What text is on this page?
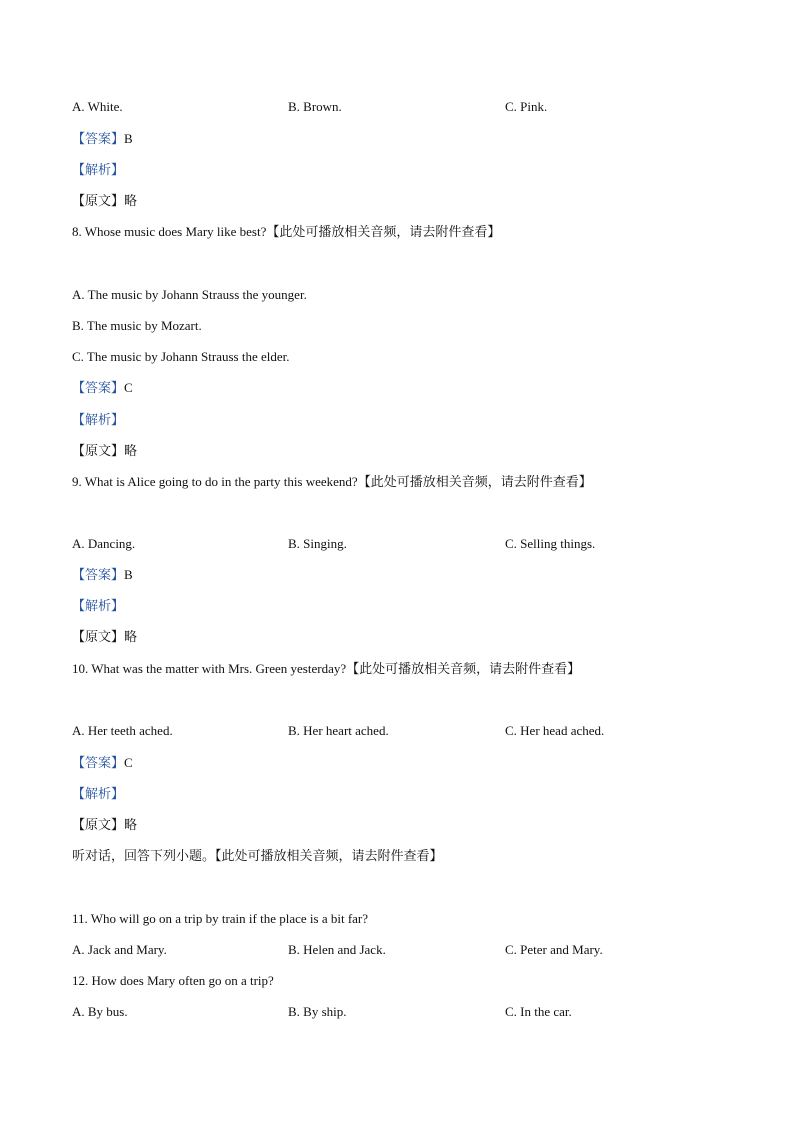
A. White.	B. Brown.	C. Pink.
【答案】B
【解析】
【原文】略
8. Whose music does Mary like best?【此处可播放相关音频，请去附件查看】
A. The music by Johann Strauss the younger.
B. The music by Mozart.
C. The music by Johann Strauss the elder.
【答案】C
【解析】
【原文】略
9. What is Alice going to do in the party this weekend?【此处可播放相关音频，请去附件查看】
A. Dancing.	B. Singing.	C. Selling things.
【答案】B
【解析】
【原文】略
10. What was the matter with Mrs. Green yesterday?【此处可播放相关音频，请去附件查看】
A. Her teeth ached.	B. Her heart ached.	C. Her head ached.
【答案】C
【解析】
【原文】略
听对话，回答下列小题。【此处可播放相关音频，请去附件查看】
11. Who will go on a trip by train if the place is a bit far?
A. Jack and Mary.	B. Helen and Jack.	C. Peter and Mary.
12. How does Mary often go on a trip?
A. By bus.	B. By ship.	C. In the car.
